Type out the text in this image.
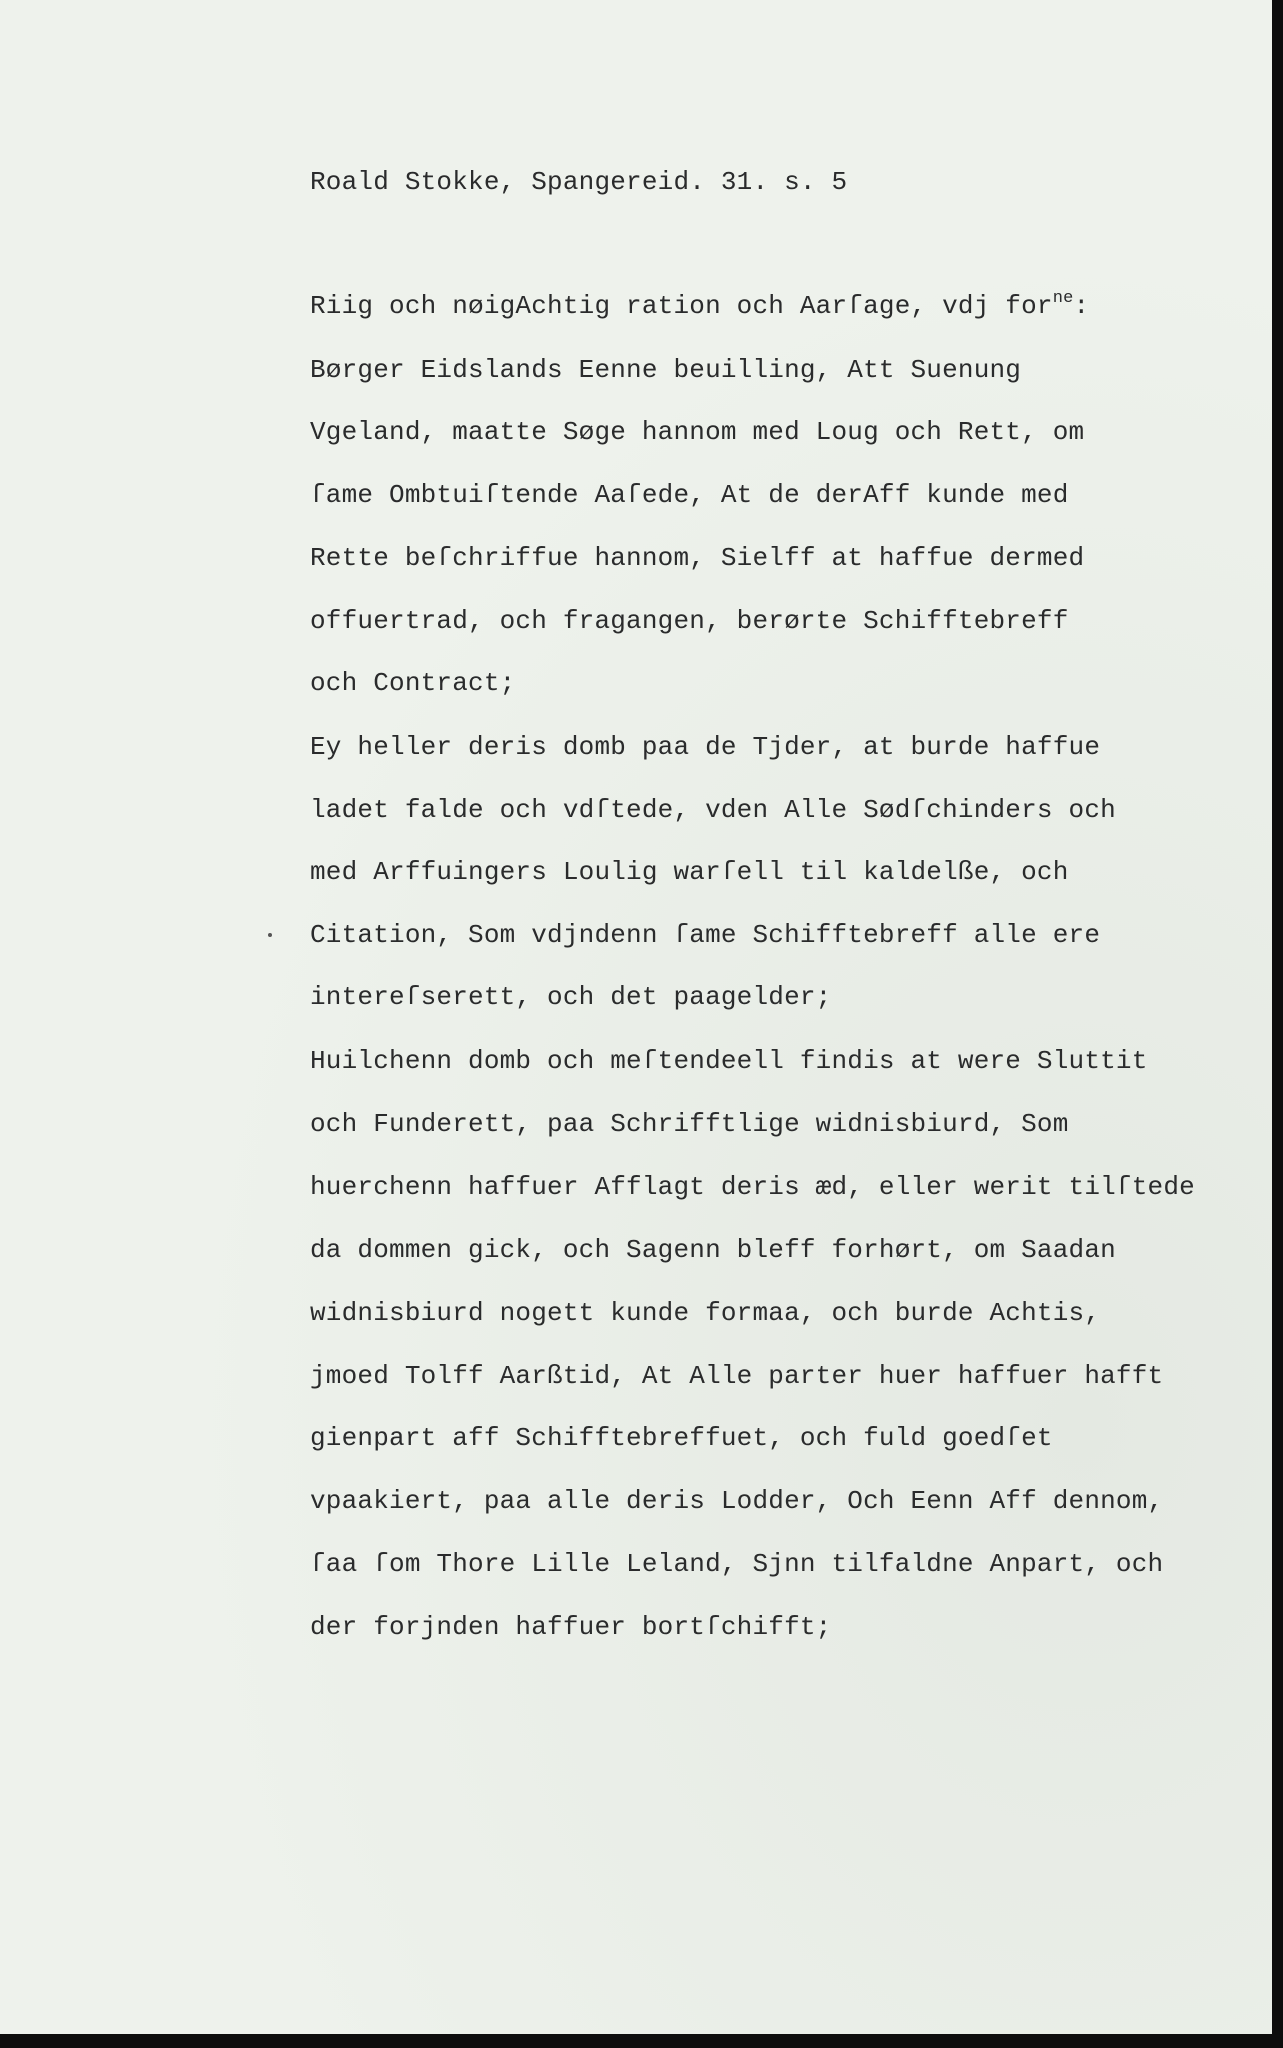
Roald Stokke, Spangereid. 31. s. 5

Riig och nøigAchtig ration och Aarſage, vdj for$^{ne}$:

Børger Eidslands Eenne beuilling, Att Suenung

Vgeland, maatte Søge hannom med Loug och Rett, om

ſame Ombtuiſtende Aaſede, At de derAff kunde med

Rette beſchriffue hannom, Sielff at haffue dermed

offuertrad, och fragangen, berørte Schifftebreff

och Contract;

Ey heller deris domb paa de Tjder, at burde haffue

ladet falde och vdſtede, vden Alle Sødſchinders och

med Arffuingers Loulig warſell til kaldelße, och

Citation, Som vdjndenn ſame Schifftebreff alle ere

intereſserett, och det paagelder;

Huilchenn domb och meſtendeell findis at were Sluttit

och Funderett, paa Schrifftlige widnisbiurd, Som

huerchenn haffuer Afflagt deris æd, eller werit tilſtede

da dommen gick, och Sagenn bleff forhørt, om Saadan

widnisbiurd nogett kunde formaa, och burde Achtis,

jmoed Tolff Aarßtid, At Alle parter huer haffuer hafft

gienpart aff Schifftebreffuet, och fuld goedſet

vpaakiert, paa alle deris Lodder, Och Eenn Aff dennom,

ſaa ſom Thore Lille Leland, Sjnn tilfaldne Anpart, och

der forjnden haffuer bortſchifft;
